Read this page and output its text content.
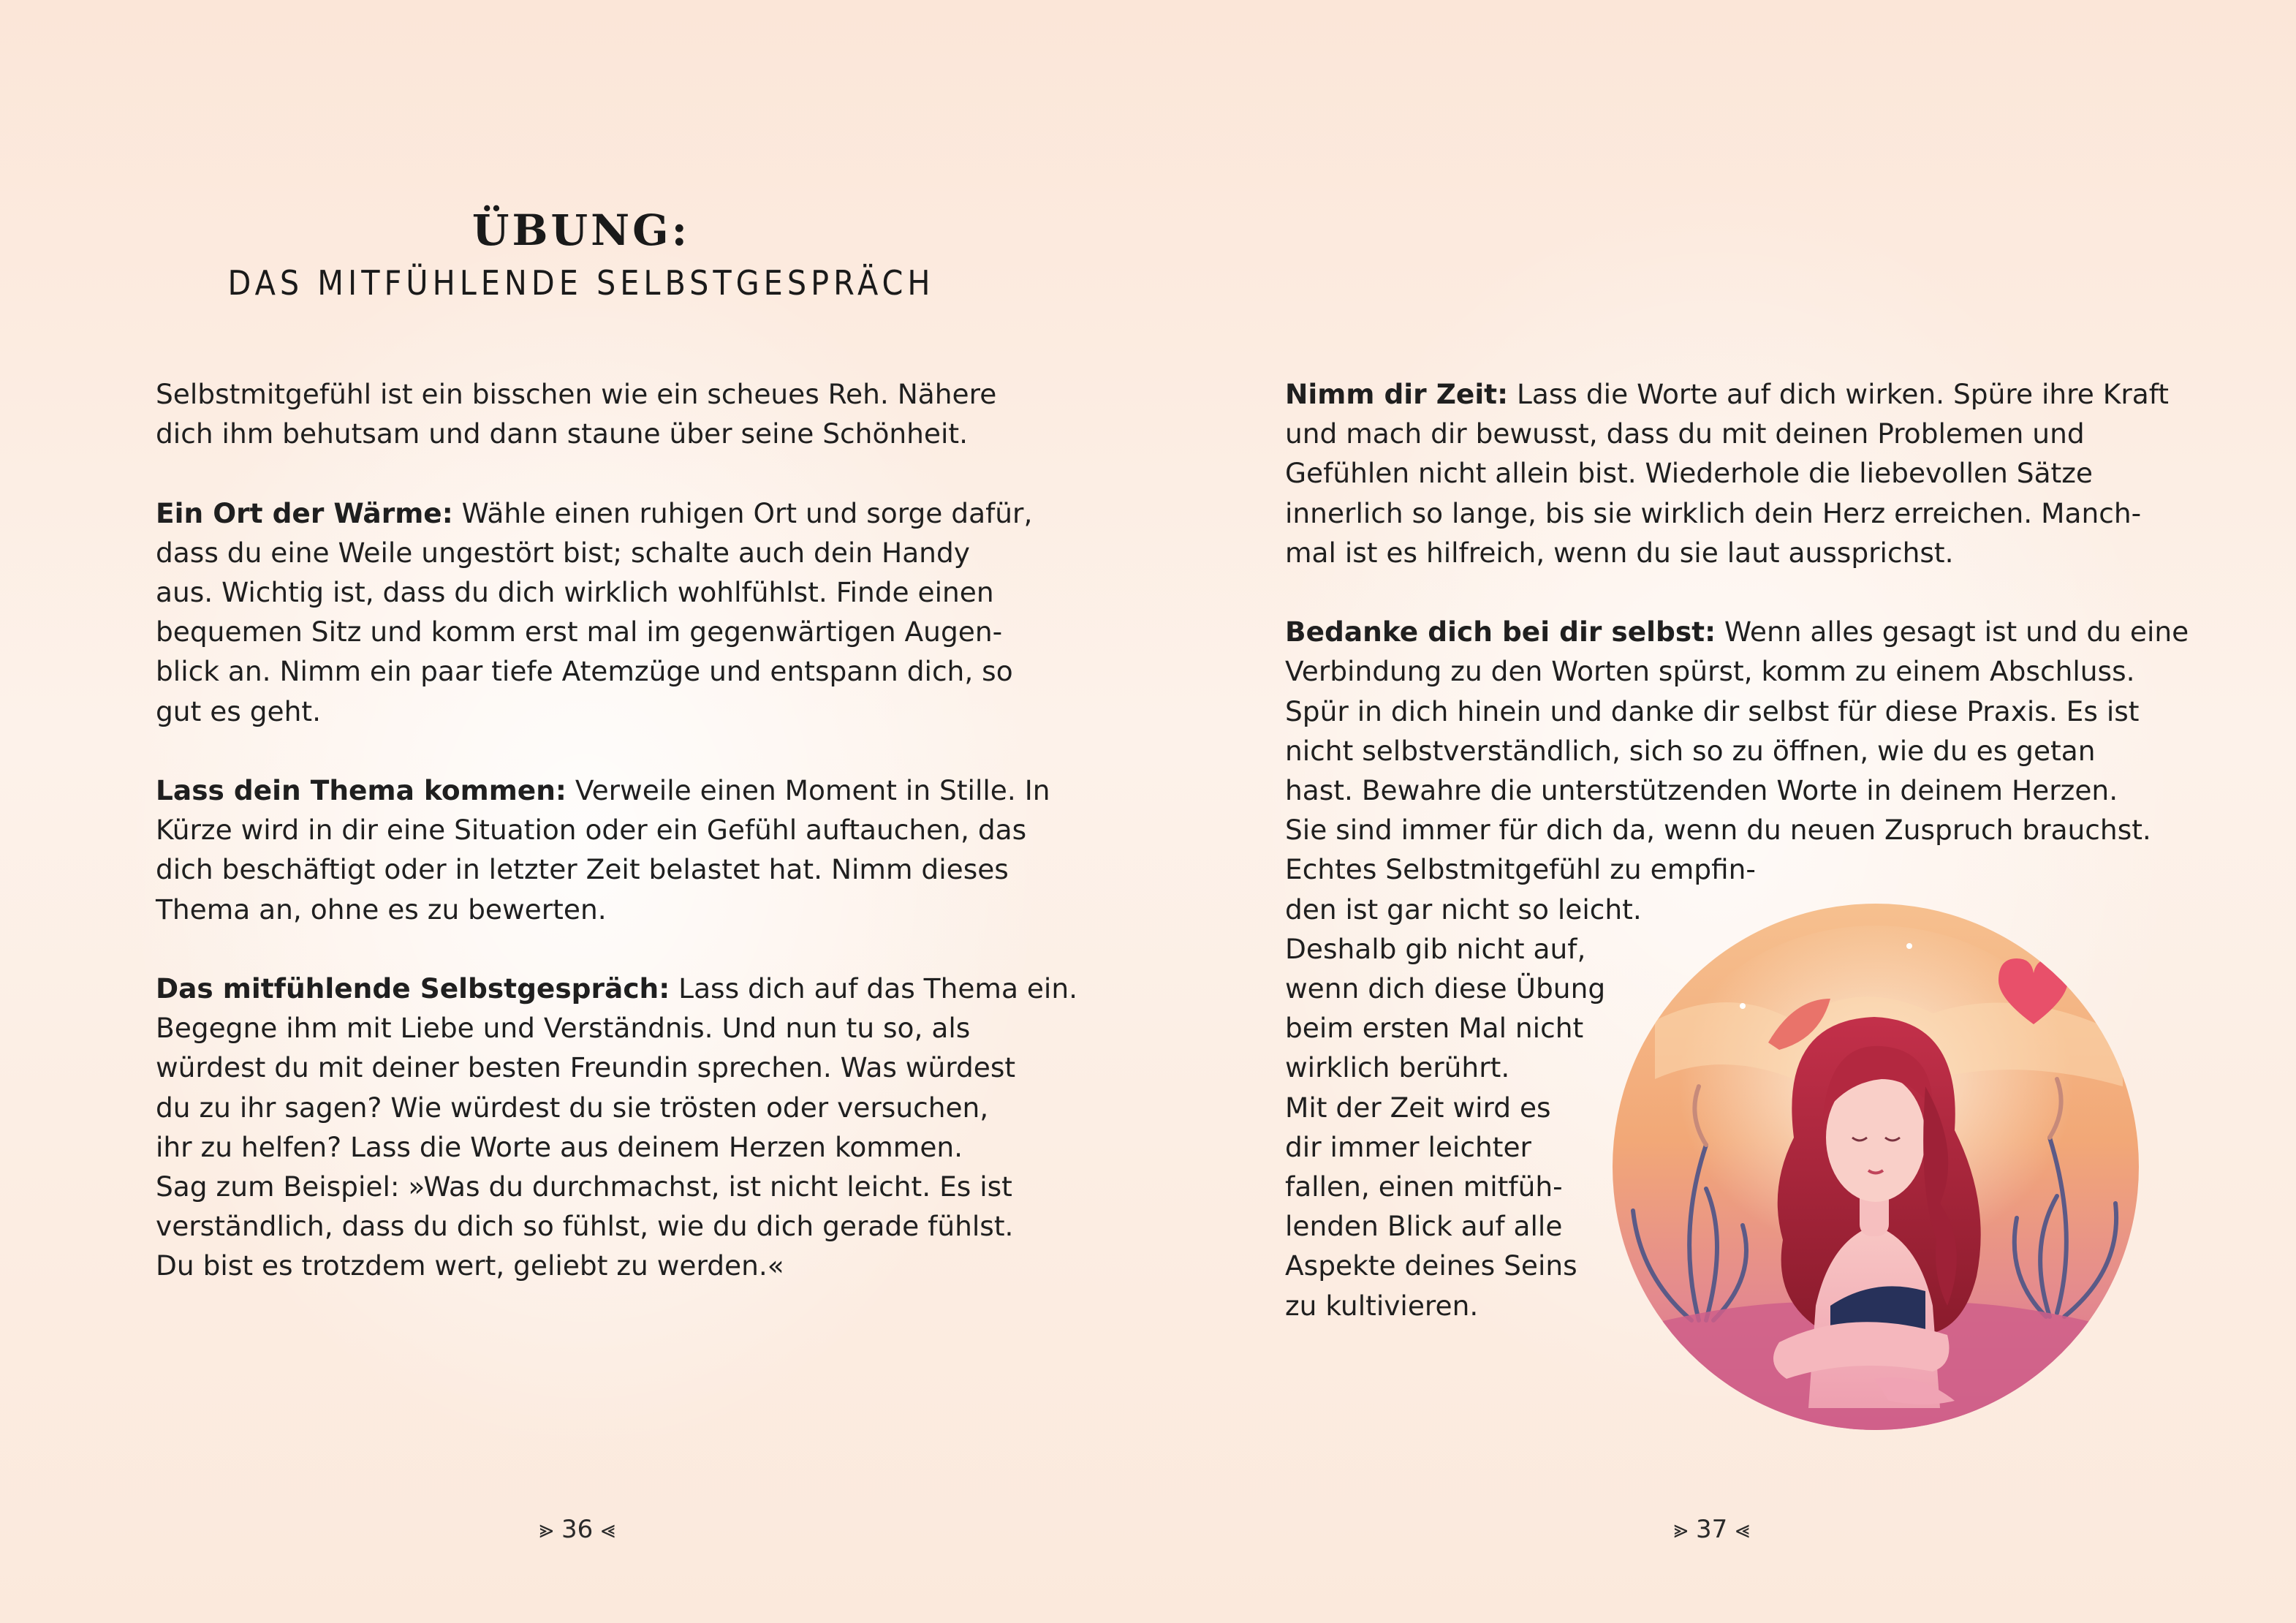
ÜBUNG:
DAS MITFÜHLENDE SELBSTGESPRÄCH

Selbstmitgefühl ist ein bisschen wie ein scheues Reh. Nähere
dich ihm behutsam und dann staune über seine Schönheit.

Ein Ort der Wärme: Wähle einen ruhigen Ort und sorge dafür,
dass du eine Weile ungestört bist; schalte auch dein Handy
aus. Wichtig ist, dass du dich wirklich wohlfühlst. Finde einen
bequemen Sitz und komm erst mal im gegenwärtigen Augen-
blick an. Nimm ein paar tiefe Atemzüge und entspann dich, so
gut es geht.

Lass dein Thema kommen: Verweile einen Moment in Stille. In
Kürze wird in dir eine Situation oder ein Gefühl auftauchen, das
dich beschäftigt oder in letzter Zeit belastet hat. Nimm dieses
Thema an, ohne es zu bewerten.

Das mitfühlende Selbstgespräch: Lass dich auf das Thema ein.
Begegne ihm mit Liebe und Verständnis. Und nun tu so, als
würdest du mit deiner besten Freundin sprechen. Was würdest
du zu ihr sagen? Wie würdest du sie trösten oder versuchen,
ihr zu helfen? Lass die Worte aus deinem Herzen kommen.
Sag zum Beispiel: »Was du durchmachst, ist nicht leicht. Es ist
verständlich, dass du dich so fühlst, wie du dich gerade fühlst.
Du bist es trotzdem wert, geliebt zu werden.«

⪢ 36 ⪡

Nimm dir Zeit: Lass die Worte auf dich wirken. Spüre ihre Kraft
und mach dir bewusst, dass du mit deinen Problemen und
Gefühlen nicht allein bist. Wiederhole die liebevollen Sätze
innerlich so lange, bis sie wirklich dein Herz erreichen. Manch-
mal ist es hilfreich, wenn du sie laut aussprichst.

Bedanke dich bei dir selbst: Wenn alles gesagt ist und du eine
Verbindung zu den Worten spürst, komm zu einem Abschluss.
Spür in dich hinein und danke dir selbst für diese Praxis. Es ist
nicht selbstverständlich, sich so zu öffnen, wie du es getan
hast. Bewahre die unterstützenden Worte in deinem Herzen.
Sie sind immer für dich da, wenn du neuen Zuspruch brauchst.

Echtes Selbstmitgefühl zu empfin-
den ist gar nicht so leicht.
Deshalb gib nicht auf,
wenn dich diese Übung
beim ersten Mal nicht
wirklich berührt.
Mit der Zeit wird es
dir immer leichter
fallen, einen mitfüh-
lenden Blick auf alle
Aspekte deines Seins
zu kultivieren.

⪢ 37 ⪡
